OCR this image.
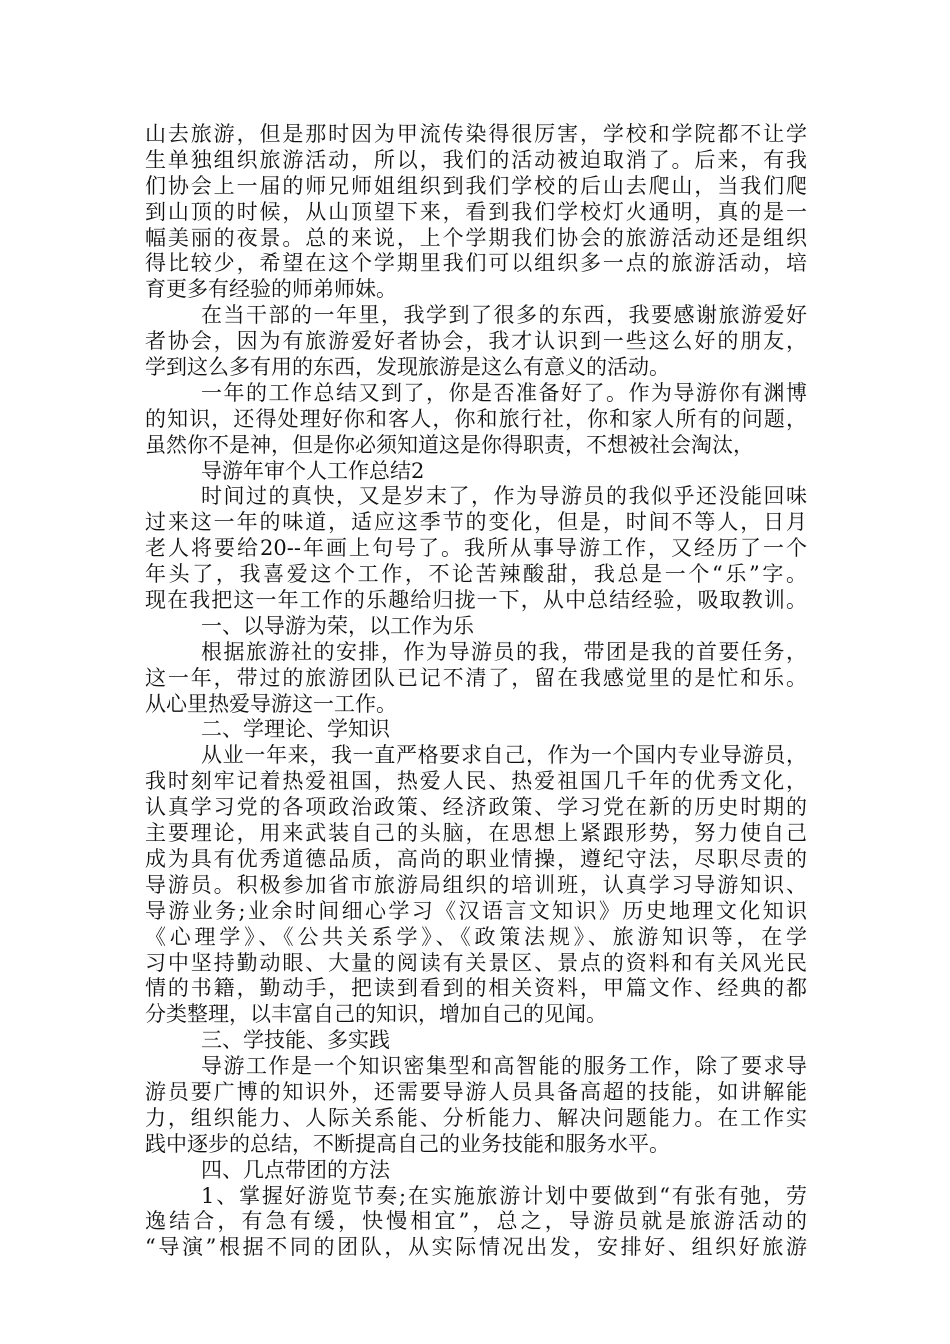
山去旅游，但是那时因为甲流传染得很厉害，学校和学院都不让学
生单独组织旅游活动，所以，我们的活动被迫取消了。后来，有我
们协会上一届的师兄师姐组织到我们学校的后山去爬山，当我们爬
到山顶的时候，从山顶望下来，看到我们学校灯火通明，真的是一
幅美丽的夜景。总的来说，上个学期我们协会的旅游活动还是组织
得比较少，希望在这个学期里我们可以组织多一点的旅游活动，培
育更多有经验的师弟师妹。
在当干部的一年里，我学到了很多的东西，我要感谢旅游爱好
者协会，因为有旅游爱好者协会，我才认识到一些这么好的朋友，
学到这么多有用的东西，发现旅游是这么有意义的活动。
一年的工作总结又到了，你是否准备好了。作为导游你有渊博
的知识，还得处理好你和客人，你和旅行社，你和家人所有的问题，
虽然你不是神，但是你必须知道这是你得职责，不想被社会淘汰，
导游年审个人工作总结2
时间过的真快，又是岁末了，作为导游员的我似乎还没能回味
过来这一年的味道，适应这季节的变化，但是，时间不等人，日月
老人将要给20--年画上句号了。我所从事导游工作，又经历了一个
年头了，我喜爱这个工作，不论苦辣酸甜，我总是一个“乐”字。
现在我把这一年工作的乐趣给归拢一下，从中总结经验，吸取教训。
一、以导游为荣，以工作为乐
根据旅游社的安排，作为导游员的我，带团是我的首要任务，
这一年，带过的旅游团队已记不清了，留在我感觉里的是忙和乐。
从心里热爱导游这一工作。
二、学理论、学知识
从业一年来，我一直严格要求自己，作为一个国内专业导游员，
我时刻牢记着热爱祖国，热爱人民、热爱祖国几千年的优秀文化，
认真学习党的各项政治政策、经济政策、学习党在新的历史时期的
主要理论，用来武装自己的头脑，在思想上紧跟形势，努力使自己
成为具有优秀道德品质，高尚的职业情操，遵纪守法，尽职尽责的
导游员。积极参加省市旅游局组织的培训班，认真学习导游知识、
导游业务;业余时间细心学习《汉语言文知识》历史地理文化知识
《心理学》、《公共关系学》、《政策法规》、旅游知识等，在学
习中坚持勤动眼、大量的阅读有关景区、景点的资料和有关风光民
情的书籍，勤动手，把读到看到的相关资料，甲篇文作、经典的都
分类整理，以丰富自己的知识，增加自己的见闻。
三、学技能、多实践
导游工作是一个知识密集型和高智能的服务工作，除了要求导
游员要广博的知识外，还需要导游人员具备高超的技能，如讲解能
力，组织能力、人际关系能、分析能力、解决问题能力。在工作实
践中逐步的总结，不断提高自己的业务技能和服务水平。
四、几点带团的方法
1、掌握好游览节奏;在实施旅游计划中要做到“有张有弛，劳
逸结合，有急有缓，快慢相宜”，总之，导游员就是旅游活动的
“导演”根据不同的团队，从实际情况出发，安排好、组织好旅游
